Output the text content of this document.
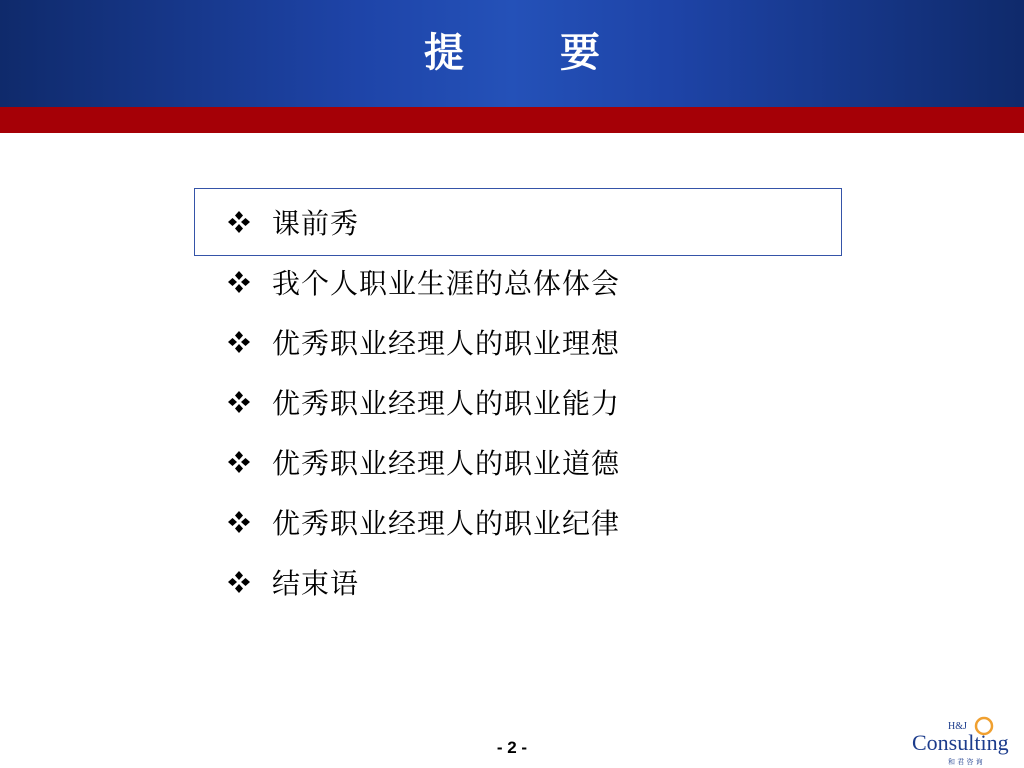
提　要
课前秀
我个人职业生涯的总体体会
优秀职业经理人的职业理想
优秀职业经理人的职业能力
优秀职业经理人的职业道德
优秀职业经理人的职业纪律
结束语
- 2 -
H&J
Consulting
和 君 咨 询
